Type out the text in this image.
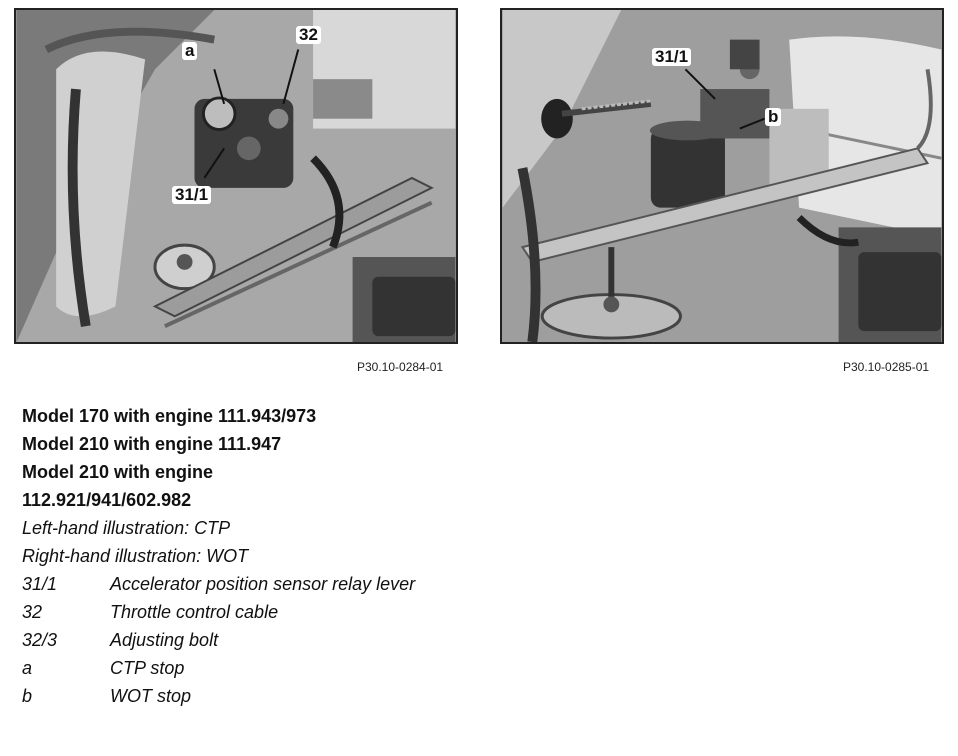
a
32
31/1
P30.10-0284-01
31/1
b
P30.10-0285-01
Model 170 with engine 111.943/973
Model 210 with engine 111.947
Model 210 with engine
112.921/941/602.982
Left-hand illustration: CTP
Right-hand illustration: WOT
31/1	Accelerator position sensor relay lever
32	Throttle control cable
32/3	Adjusting bolt
a	CTP stop
b	WOT stop
